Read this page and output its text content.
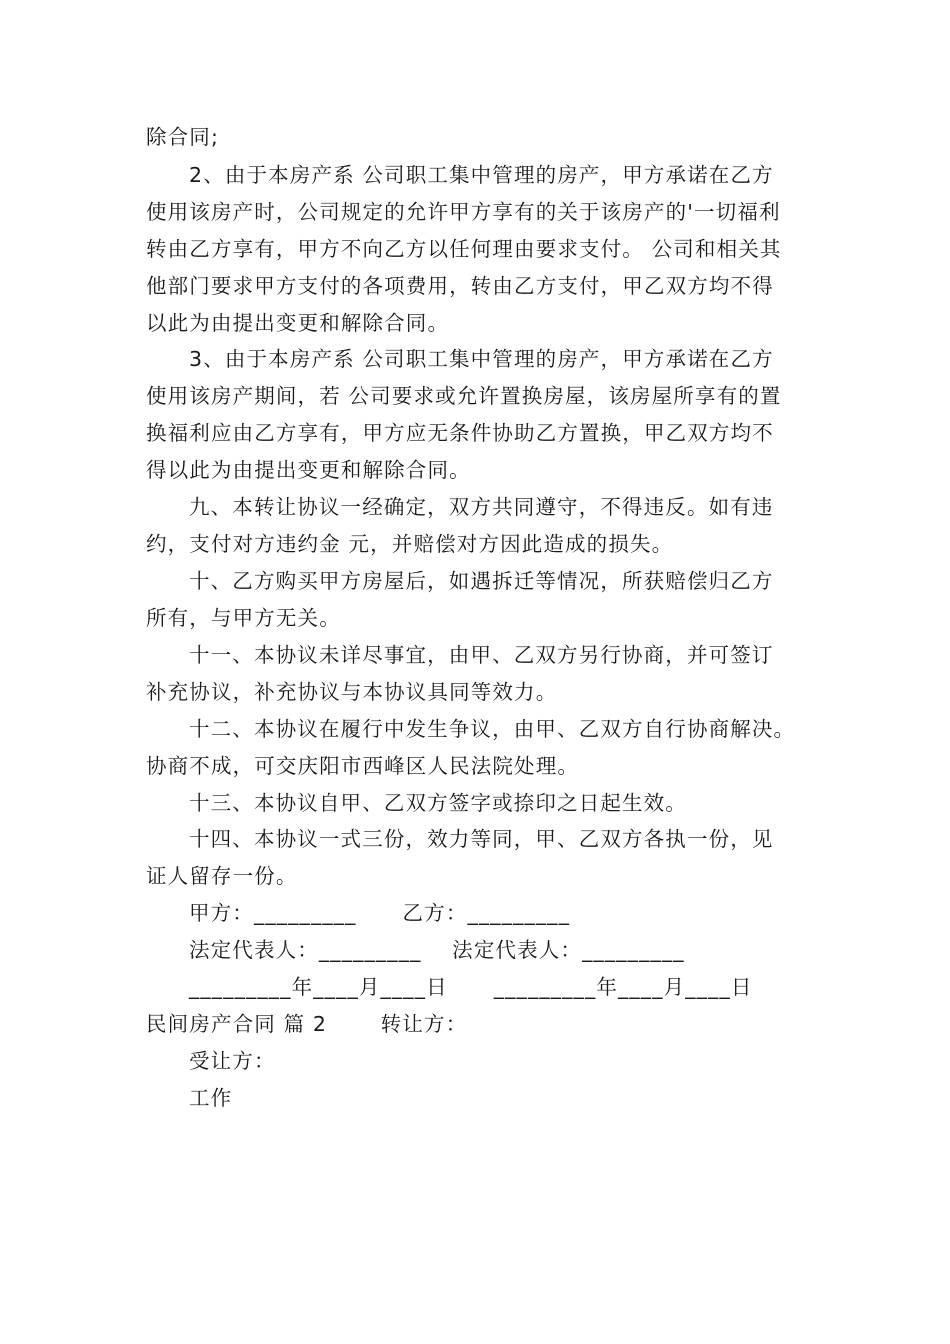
除合同;
2、由于本房产系 公司职工集中管理的房产，甲方承诺在乙方
使用该房产时，公司规定的允许甲方享有的关于该房产的'一切福利
转由乙方享有，甲方不向乙方以任何理由要求支付。 公司和相关其
他部门要求甲方支付的各项费用，转由乙方支付，甲乙双方均不得
以此为由提出变更和解除合同。
3、由于本房产系 公司职工集中管理的房产，甲方承诺在乙方
使用该房产期间，若 公司要求或允许置换房屋，该房屋所享有的置
换福利应由乙方享有，甲方应无条件协助乙方置换，甲乙双方均不
得以此为由提出变更和解除合同。
九、本转让协议一经确定，双方共同遵守，不得违反。如有违
约，支付对方违约金 元，并赔偿对方因此造成的损失。
十、乙方购买甲方房屋后，如遇拆迁等情况，所获赔偿归乙方
所有，与甲方无关。
十一、本协议未详尽事宜，由甲、乙双方另行协商，并可签订
补充协议，补充协议与本协议具同等效力。
十二、本协议在履行中发生争议，由甲、乙双方自行协商解决。
协商不成，可交庆阳市西峰区人民法院处理。
十三、本协议自甲、乙双方签字或捺印之日起生效。
十四、本协议一式三份，效力等同，甲、乙双方各执一份，见
证人留存一份。
甲方：_________      乙方：_________
法定代表人：_________    法定代表人：_________
_________年____月____日      _________年____月____日
民间房产合同 篇 2       转让方：
受让方：
工作
